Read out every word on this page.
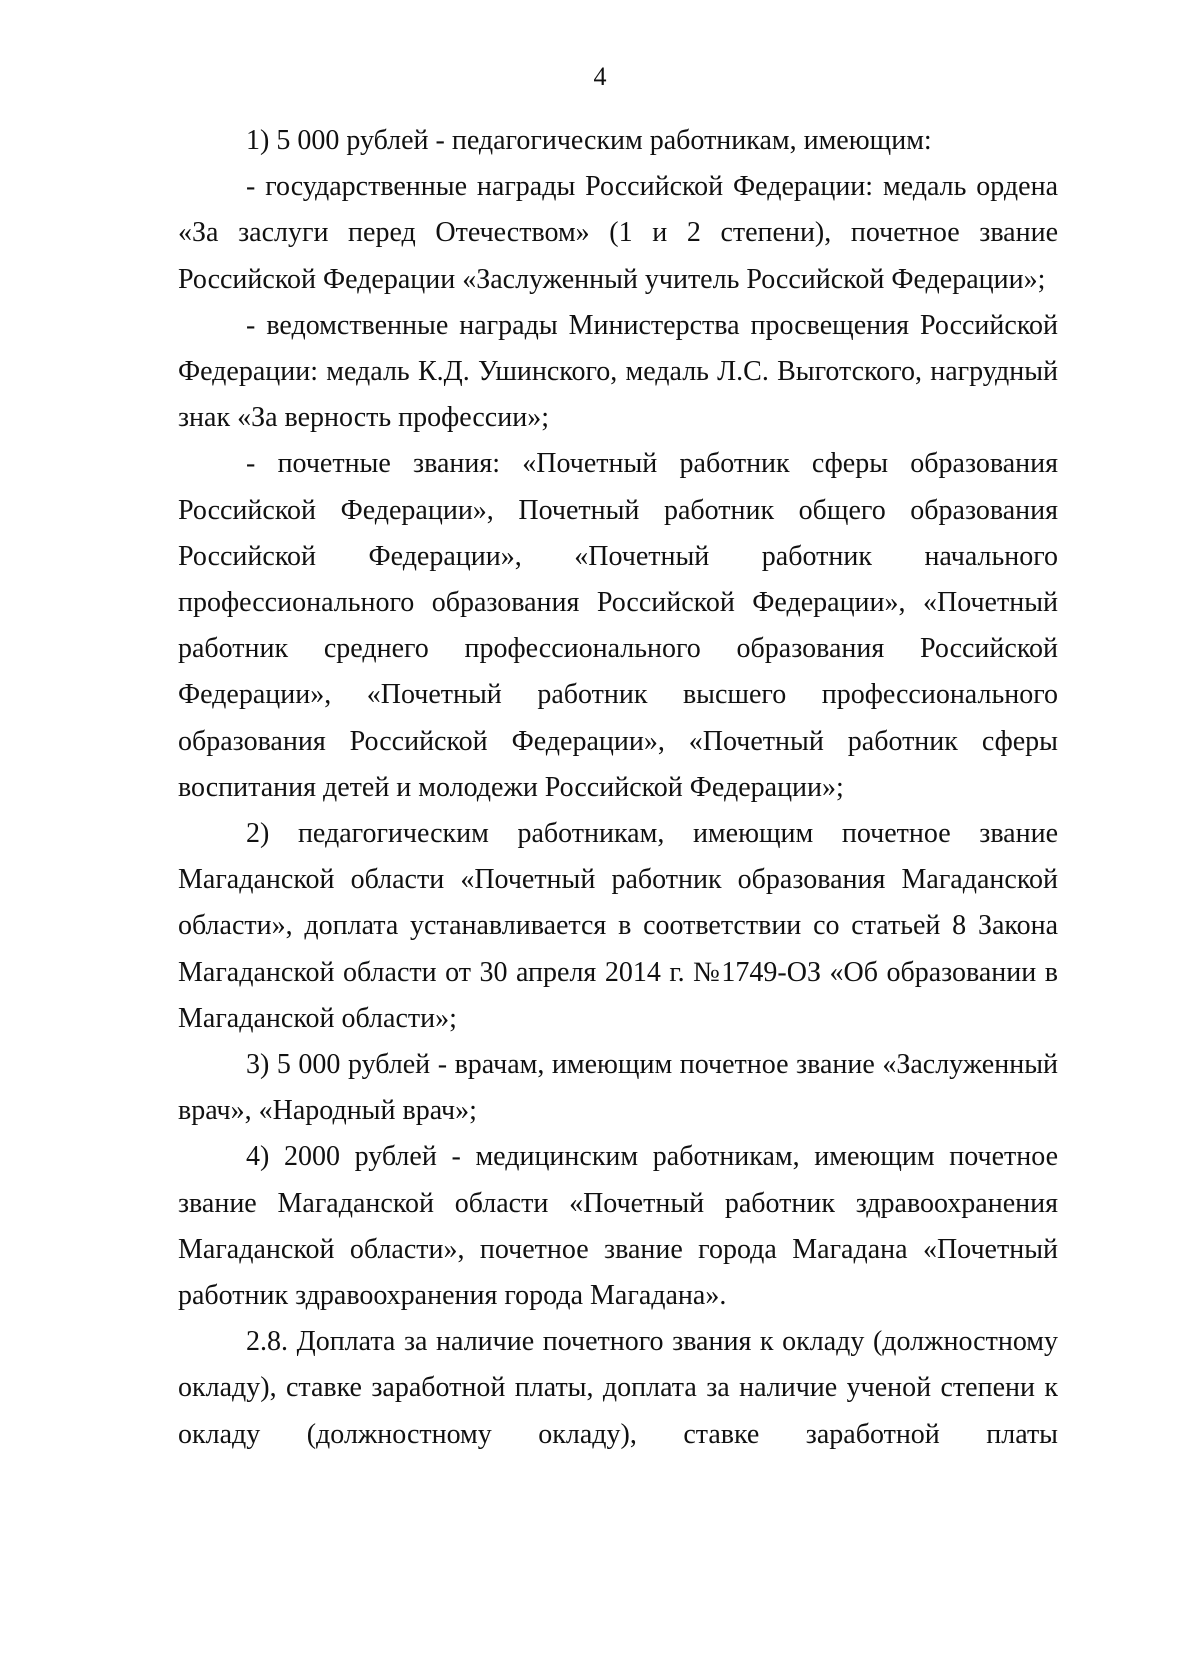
4

1) 5 000 рублей - педагогическим работникам, имеющим:

- государственные награды Российской Федерации: медаль ордена «За заслуги перед Отечеством» (1 и 2 степени), почетное звание Российской Федерации «Заслуженный учитель Российской Федерации»;

- ведомственные награды Министерства просвещения Российской Федерации: медаль К.Д. Ушинского, медаль Л.С. Выготского, нагрудный знак «За верность профессии»;

- почетные звания: «Почетный работник сферы образования Российской Федерации», Почетный работник общего образования Российской Федерации», «Почетный работник начального профессионального образования Российской Федерации», «Почетный работник среднего профессионального образования Российской Федерации», «Почетный работник высшего профессионального образования Российской Федерации», «Почетный работник сферы воспитания детей и молодежи Российской Федерации»;

2) педагогическим работникам, имеющим почетное звание Магаданской области «Почетный работник образования Магаданской области», доплата устанавливается в соответствии со статьей 8 Закона Магаданской области от 30 апреля 2014 г. №1749-ОЗ «Об образовании в Магаданской области»;

3) 5 000 рублей - врачам, имеющим почетное звание «Заслуженный врач», «Народный врач»;

4) 2000 рублей - медицинским работникам, имеющим почетное звание Магаданской области «Почетный работник здравоохранения Магаданской области», почетное звание города Магадана «Почетный работник здравоохранения города Магадана».

2.8. Доплата за наличие почетного звания к окладу (должностному окладу), ставке заработной платы, доплата за наличие ученой степени к окладу (должностному окладу), ставке заработной платы
